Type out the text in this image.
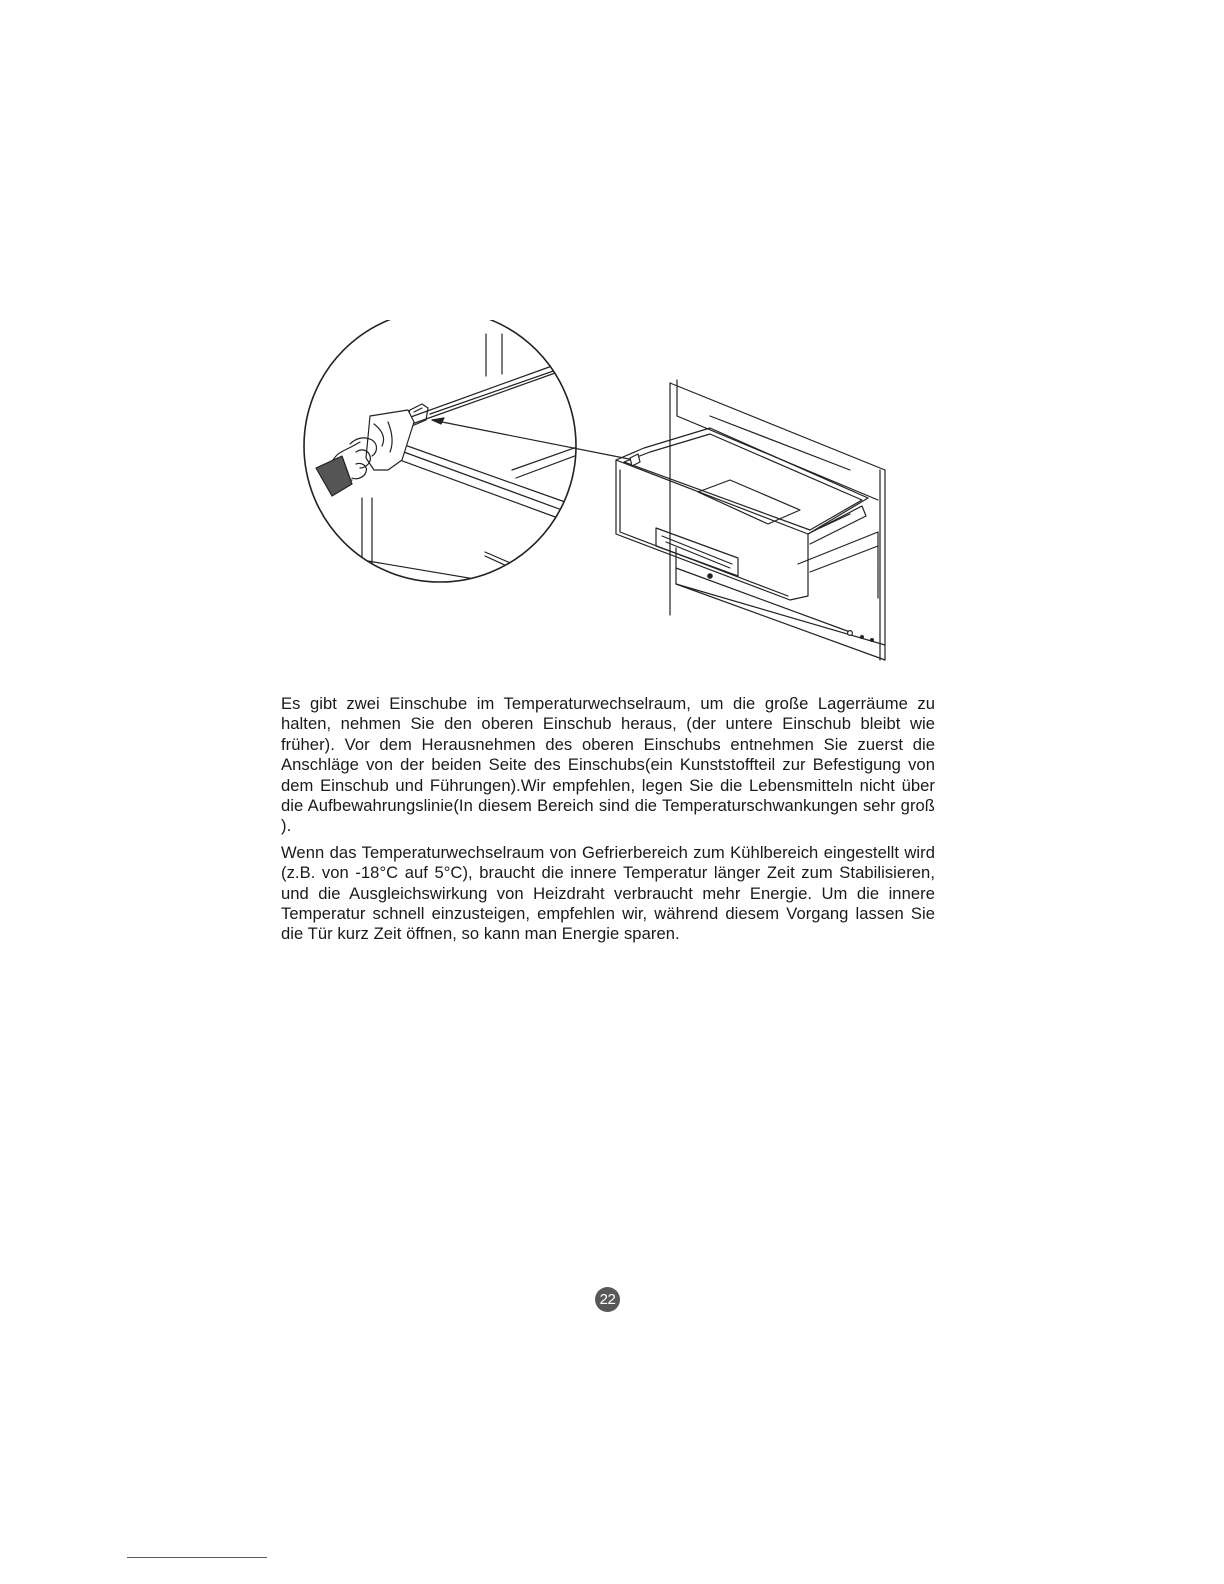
Es gibt zwei Einschube im Temperaturwechselraum, um die große Lagerräume zu halten, nehmen Sie den oberen Einschub heraus, (der untere Einschub bleibt wie früher). Vor dem Herausnehmen des oberen Einschubs entnehmen Sie zuerst die Anschläge von der beiden Seite des Einschubs(ein Kunststoffteil zur Befestigung von dem Einschub und Führungen).Wir empfehlen, legen Sie die Lebensmitteln nicht über die Aufbewahrungslinie(In diesem Bereich sind die Temperaturschwankungen sehr groß ).

Wenn das Temperaturwechselraum von Gefrierbereich zum Kühlbereich eingestellt wird (z.B. von -18°C auf 5°C), braucht die innere Temperatur länger Zeit zum Stabilisieren, und die Ausgleichswirkung von Heizdraht verbraucht mehr Energie. Um die innere Temperatur schnell einzusteigen, empfehlen wir, während diesem Vorgang lassen Sie die Tür kurz Zeit öffnen, so kann man Energie sparen.

22
